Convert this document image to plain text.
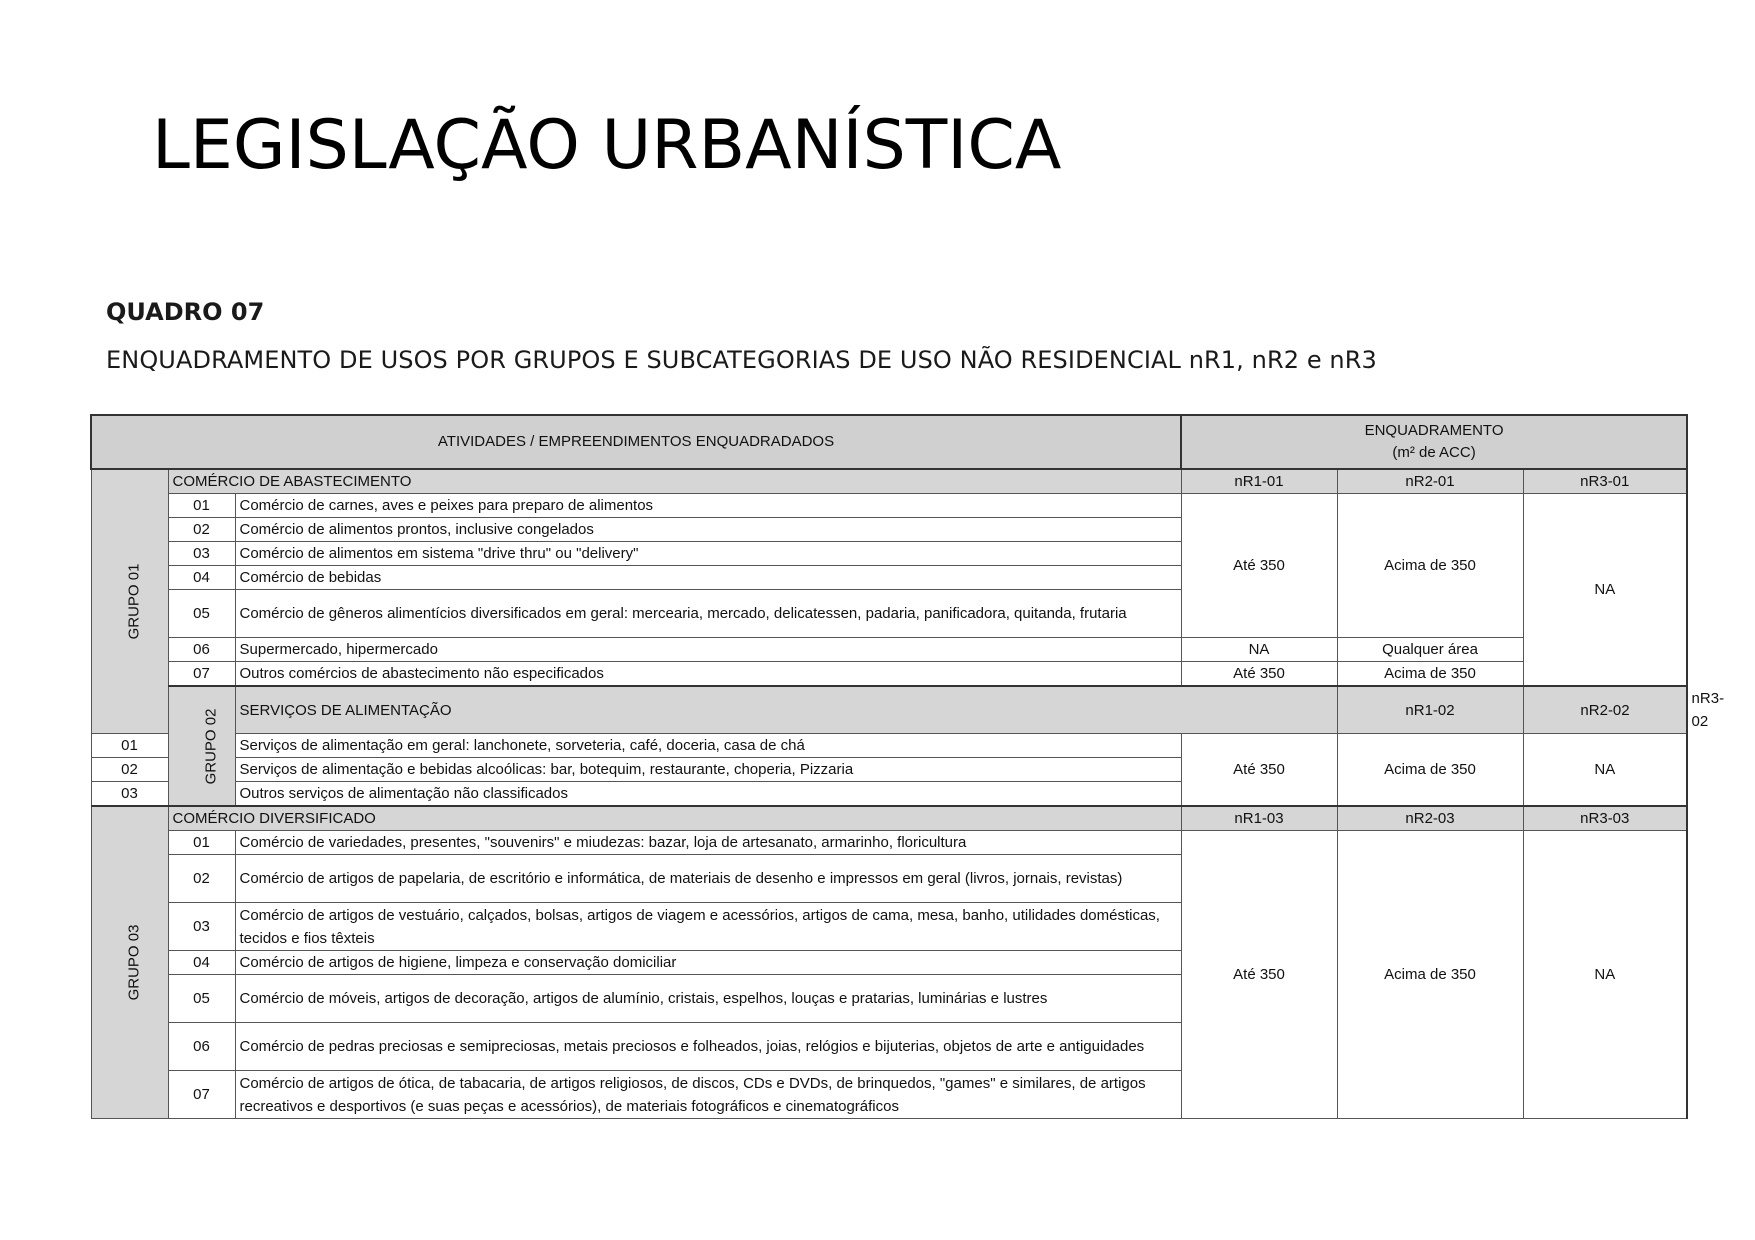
LEGISLAÇÃO URBANÍSTICA
QUADRO 07
ENQUADRAMENTO DE USOS POR GRUPOS E SUBCATEGORIAS DE USO NÃO RESIDENCIAL nR1, nR2 e nR3
ATIVIDADES / EMPREENDIMENTOS ENQUADRADADOS			ENQUADRAMENTO
(m² de ACC)			

GRUPO 01	COMÉRCIO DE ABASTECIMENTO		nR1-01	nR2-01	nR3-01	
	01	Comércio de carnes, aves e peixes para preparo de alimentos	Até 350	Acima de 350	NA	
	02	Comércio de alimentos prontos, inclusive congelados				
	03	Comércio de alimentos em sistema "drive thru" ou "delivery"				
	04	Comércio de bebidas				
	05	Comércio de gêneros alimentícios diversificados em geral: mercearia, mercado, delicatessen, padaria, panificadora, quitanda, frutaria				
	06	Supermercado, hipermercado	NA	Qualquer área		
	07	Outros comércios de abastecimento não especificados	Até 350	Acima de 350		
	GRUPO 02	SERVIÇOS DE ALIMENTAÇÃO		nR1-02	nR2-02	nR3-02
01		Serviços de alimentação em geral: lanchonete, sorveteria, café, doceria, casa de chá	Até 350	Acima de 350	NA	
02		Serviços de alimentação e bebidas alcoólicas: bar, botequim, restaurante, choperia, Pizzaria				
03		Outros serviços de alimentação não classificados				
GRUPO 03	COMÉRCIO DIVERSIFICADO		nR1-03	nR2-03	nR3-03	
	01	Comércio de variedades, presentes, "souvenirs" e miudezas: bazar, loja de artesanato, armarinho, floricultura	Até 350	Acima de 350	NA	
	02	Comércio de artigos de papelaria, de escritório e informática, de materiais de desenho e impressos em geral (livros, jornais, revistas)				
	03	Comércio de artigos de vestuário, calçados, bolsas, artigos de viagem e acessórios, artigos de cama, mesa, banho, utilidades domésticas, tecidos e fios têxteis				
	04	Comércio de artigos de higiene, limpeza e conservação domiciliar				
	05	Comércio de móveis, artigos de decoração, artigos de alumínio, cristais, espelhos, louças e pratarias, luminárias e lustres				
	06	Comércio de pedras preciosas e semipreciosas, metais preciosos e folheados, joias, relógios e bijuterias, objetos de arte e antiguidades				
	07	Comércio de artigos de ótica, de tabacaria, de artigos religiosos, de discos, CDs e DVDs, de brinquedos, "games" e similares, de artigos recreativos e desportivos (e suas peças e acessórios), de materiais fotográficos e cinematográficos				
